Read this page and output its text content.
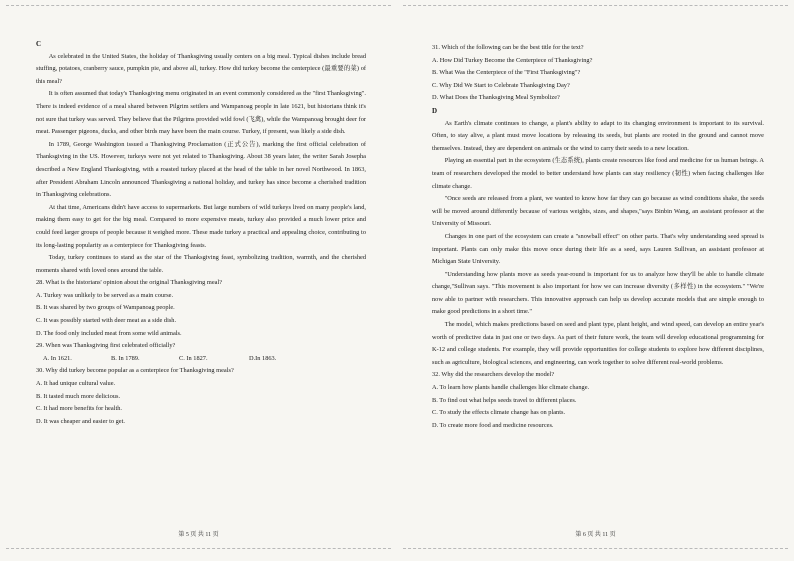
C

As celebrated in the United States, the holiday of Thanksgiving usually centers on a big meal. Typical dishes include bread stuffing, potatoes, cranberry sauce, pumpkin pie, and above all, turkey. How did turkey become the centerpiece (最重要的菜) of this meal?

It is often assumed that today's Thanksgiving menu originated in an event commonly considered as the "first Thanksgiving". There is indeed evidence of a meal shared between Pilgrim settlers and Wampanoag people in late 1621, but historians think it's not sure that turkey was served. They believe that the Pilgrims provided wild fowl (飞禽), while the Wampanoag brought deer for meat. Passenger pigeons, ducks, and other birds may have been the main course. Turkey, if present, was likely a side dish.

In 1789, George Washington issued a Thanksgiving Proclamation (正式公告), marking the first official celebration of Thanksgiving in the US. However, turkeys were not yet related to Thanksgiving. About 38 years later, the writer Sarah Josepha described a New England Thanksgiving, with a roasted turkey placed at the head of the table in her novel Northwood. In 1863, after President Abraham Lincoln announced Thanksgiving a national holiday, and turkey has since become a cherished tradition in Thanksgiving celebrations.

At that time, Americans didn't have access to supermarkets. But large numbers of wild turkeys lived on many people's land, making them easy to get for the big meal. Compared to more expensive meats, turkey also provided a much lower price and could feed larger groups of people because it weighed more. These made turkey a practical and appealing choice, contributing to its long-lasting popularity as a centerpiece for Thanksgiving feasts.

Today, turkey continues to stand as the star of the Thanksgiving feast, symbolizing tradition, warmth, and the cherished moments shared with loved ones around the table.

28. What is the historians' opinion about the original Thanksgiving meal?

A. Turkey was unlikely to be served as a main course.

B. It was shared by two groups of Wampanoag people.

C. It was possibly started with deer meat as a side dish.

D. The food only included meat from some wild animals.

29. When was Thanksgiving first celebrated officially?

A. In 1621.	B. In 1789.	C. In 1827.	D.In 1863.

30. Why did turkey become popular as a centerpiece for Thanksgiving meals?

A. It had unique cultural value.

B. It tasted much more delicious.

C. It had more benefits for health.

D. It was cheaper and easier to get.

第 5 页 共 11 页

31. Which of the following can be the best title for the text?

A. How Did Turkey Become the Centerpiece of Thanksgiving?

B. What Was the Centerpiece of the "First Thanksgiving"?

C. Why Did We Start to Celebrate Thanksgiving Day?

D. What Does the Thanksgiving Meal Symbolize?

D

As Earth's climate continues to change, a plant's ability to adapt to its changing environment is important to its survival. Often, to stay alive, a plant must move locations by releasing its seeds, but plants are rooted in the ground and cannot move themselves. Instead, they are dependent on animals or the wind to carry their seeds to a new location.

Playing an essential part in the ecosystem (生态系统), plants create resources like food and medicine for us human beings. A team of researchers developed the model to better understand how plants can stay resiliency (韧性) when facing challenges like climate change.

"Once seeds are released from a plant, we wanted to know how far they can go because as wind conditions shake, the seeds will be moved around differently because of various weights, sizes, and shapes,"says Binbin Wang, an assistant professor at the University of Missouri.

Changes in one part of the ecosystem can create a "snowball effect" on other parts. That's why understanding seed spread is important. Plants can only make this move once during their life as a seed, says Lauren Sullivan, an assistant professor at Michigan State University.

"Understanding how plants move as seeds year-round is important for us to analyze how they'll be able to handle climate change,"Sullivan says. "This movement is also important for how we can increase diversity (多样性) in the ecosystem." "We're now able to partner with researchers. This innovative approach can help us develop accurate models that are simple enough to make good predictions in a short time."

The model, which makes predictions based on seed and plant type, plant height, and wind speed, can develop an entire year's worth of predictive data in just one or two days. As part of their future work, the team will develop educational programming for K-12 and college students. For example, they will provide opportunities for college students to explore how different disciplines, such as agriculture, biological sciences, and engineering, can work together to solve different real-world problems.

32. Why did the researchers develop the model?

A. To learn how plants handle challenges like climate change.

B. To find out what helps seeds travel to different places.

C. To study the effects climate change has on plants.

D. To create more food and medicine resources.

第 6 页 共 11 页
